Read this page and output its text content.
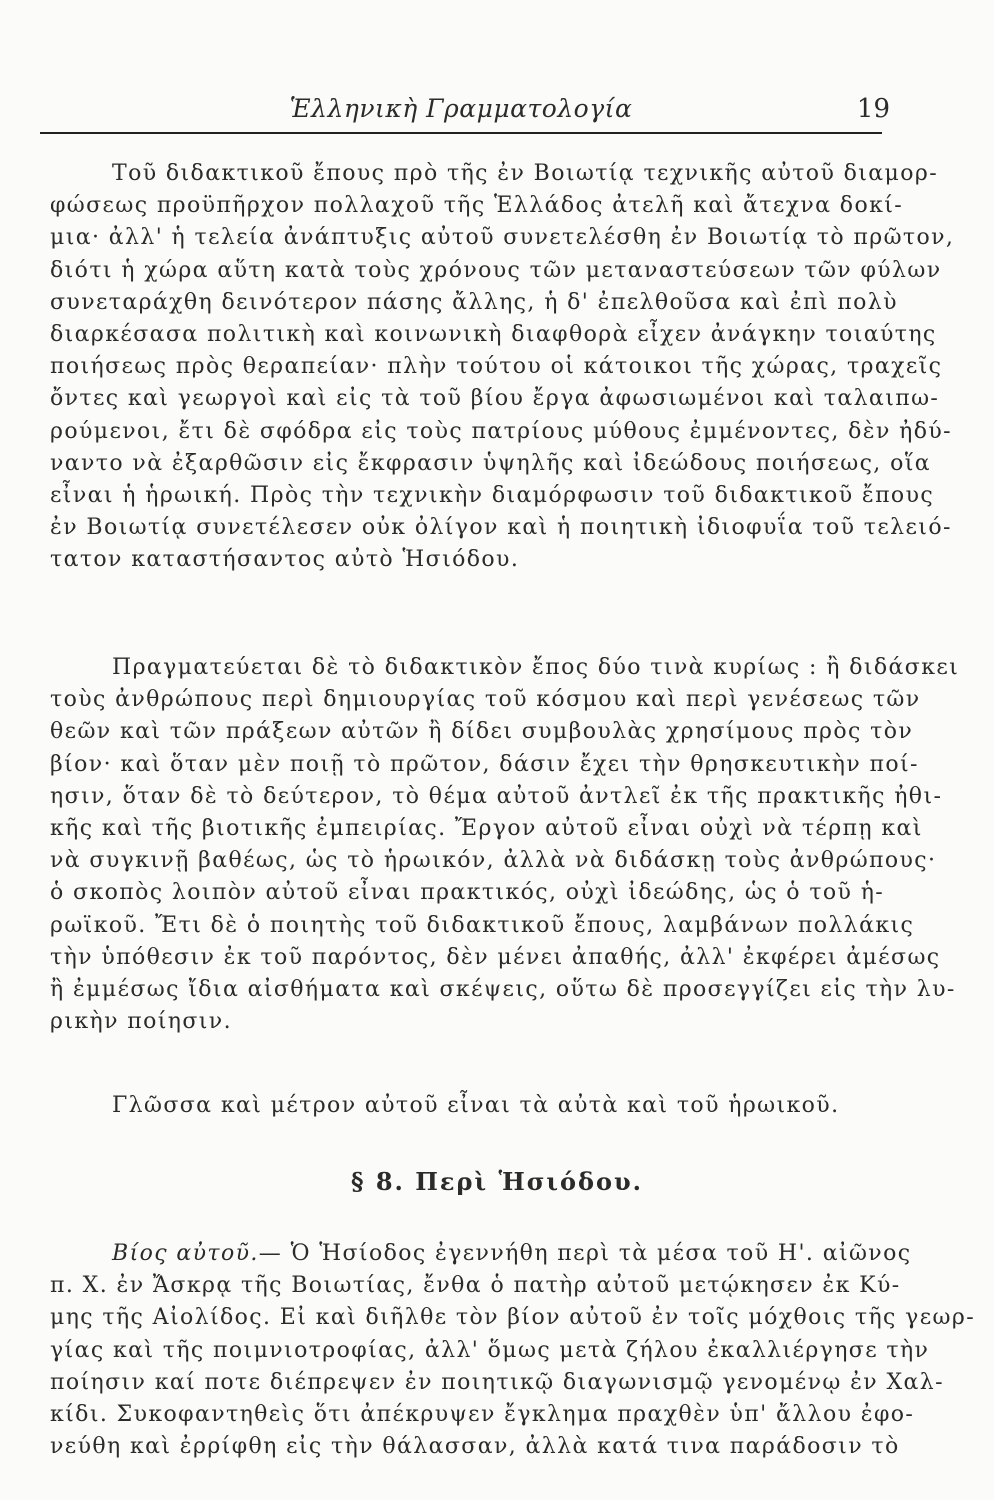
Ἑλληνικὴ Γραμματολογία	19
Τοῦ διδακτικοῦ ἔπους πρὸ τῆς ἐν Βοιωτίᾳ τεχνικῆς αὐτοῦ διαμορ-
φώσεως προϋπῆρχον πολλαχοῦ τῆς Ἑλλάδος ἀτελῆ καὶ ἄτεχνα δοκί-
μια· ἀλλ' ἡ τελεία ἀνάπτυξις αὐτοῦ συνετελέσθη ἐν Βοιωτίᾳ τὸ πρῶτον,
διότι ἡ χώρα αὕτη κατὰ τοὺς χρόνους τῶν μεταναστεύσεων τῶν φύλων
συνεταράχθη δεινότερον πάσης ἄλλης, ἡ δ' ἐπελθοῦσα καὶ ἐπὶ πολὺ
διαρκέσασα πολιτικὴ καὶ κοινωνικὴ διαφθορὰ εἶχεν ἀνάγκην τοιαύτης
ποιήσεως πρὸς θεραπείαν· πλὴν τούτου οἱ κάτοικοι τῆς χώρας, τραχεῖς
ὄντες καὶ γεωργοὶ καὶ εἰς τὰ τοῦ βίου ἔργα ἀφωσιωμένοι καὶ ταλαιπω-
ρούμενοι, ἔτι δὲ σφόδρα εἰς τοὺς πατρίους μύθους ἐμμένοντες, δὲν ἠδύ-
ναντο νὰ ἐξαρθῶσιν εἰς ἔκφρασιν ὑψηλῆς καὶ ἰδεώδους ποιήσεως, οἵα
εἶναι ἡ ἡρωική. Πρὸς τὴν τεχνικὴν διαμόρφωσιν τοῦ διδακτικοῦ ἔπους
ἐν Βοιωτίᾳ συνετέλεσεν οὐκ ὀλίγον καὶ ἡ ποιητικὴ ἰδιοφυΐα τοῦ τελειό-
τατον καταστήσαντος αὐτὸ Ἡσιόδου.
Πραγματεύεται δὲ τὸ διδακτικὸν ἔπος δύο τινὰ κυρίως : ἢ διδάσκει
τοὺς ἀνθρώπους περὶ δημιουργίας τοῦ κόσμου καὶ περὶ γενέσεως τῶν
θεῶν καὶ τῶν πράξεων αὐτῶν ἢ δίδει συμβουλὰς χρησίμους πρὸς τὸν
βίον· καὶ ὅταν μὲν ποιῇ τὸ πρῶτον, δάσιν ἔχει τὴν θρησκευτικὴν ποί-
ησιν, ὅταν δὲ τὸ δεύτερον, τὸ θέμα αὐτοῦ ἀντλεῖ ἐκ τῆς πρακτικῆς ἠθι-
κῆς καὶ τῆς βιοτικῆς ἐμπειρίας. Ἔργον αὐτοῦ εἶναι οὐχὶ νὰ τέρπῃ καὶ
νὰ συγκινῇ βαθέως, ὡς τὸ ἡρωικόν, ἀλλὰ νὰ διδάσκῃ τοὺς ἀνθρώπους·
ὁ σκοπὸς λοιπὸν αὐτοῦ εἶναι πρακτικός, οὐχὶ ἰδεώδης, ὡς ὁ τοῦ ἡ-
ρωϊκοῦ. Ἔτι δὲ ὁ ποιητὴς τοῦ διδακτικοῦ ἔπους, λαμβάνων πολλάκις
τὴν ὑπόθεσιν ἐκ τοῦ παρόντος, δὲν μένει ἀπαθής, ἀλλ' ἐκφέρει ἀμέσως
ἢ ἐμμέσως ἴδια αἰσθήματα καὶ σκέψεις, οὕτω δὲ προσεγγίζει εἰς τὴν λυ-
ρικὴν ποίησιν.
Γλῶσσα καὶ μέτρον αὐτοῦ εἶναι τὰ αὐτὰ καὶ τοῦ ἡρωικοῦ.
§ 8. Περὶ Ἡσιόδου.
Βίος αὐτοῦ.— Ὁ Ἡσίοδος ἐγεννήθη περὶ τὰ μέσα τοῦ Η'. αἰῶνος
π. Χ. ἐν Ἄσκρᾳ τῆς Βοιωτίας, ἔνθα ὁ πατὴρ αὐτοῦ μετῴκησεν ἐκ Κύ-
μης τῆς Αἰολίδος. Εἰ καὶ διῆλθε τὸν βίον αὐτοῦ ἐν τοῖς μόχθοις τῆς γεωρ-
γίας καὶ τῆς ποιμνιοτροφίας, ἀλλ' ὅμως μετὰ ζήλου ἐκαλλιέργησε τὴν
ποίησιν καί ποτε διέπρεψεν ἐν ποιητικῷ διαγωνισμῷ γενομένῳ ἐν Χαλ-
κίδι. Συκοφαντηθεὶς ὅτι ἀπέκρυψεν ἔγκλημα πραχθὲν ὑπ' ἄλλου ἐφο-
νεύθη καὶ ἐρρίφθη εἰς τὴν θάλασσαν, ἀλλὰ κατά τινα παράδοσιν τὸ
